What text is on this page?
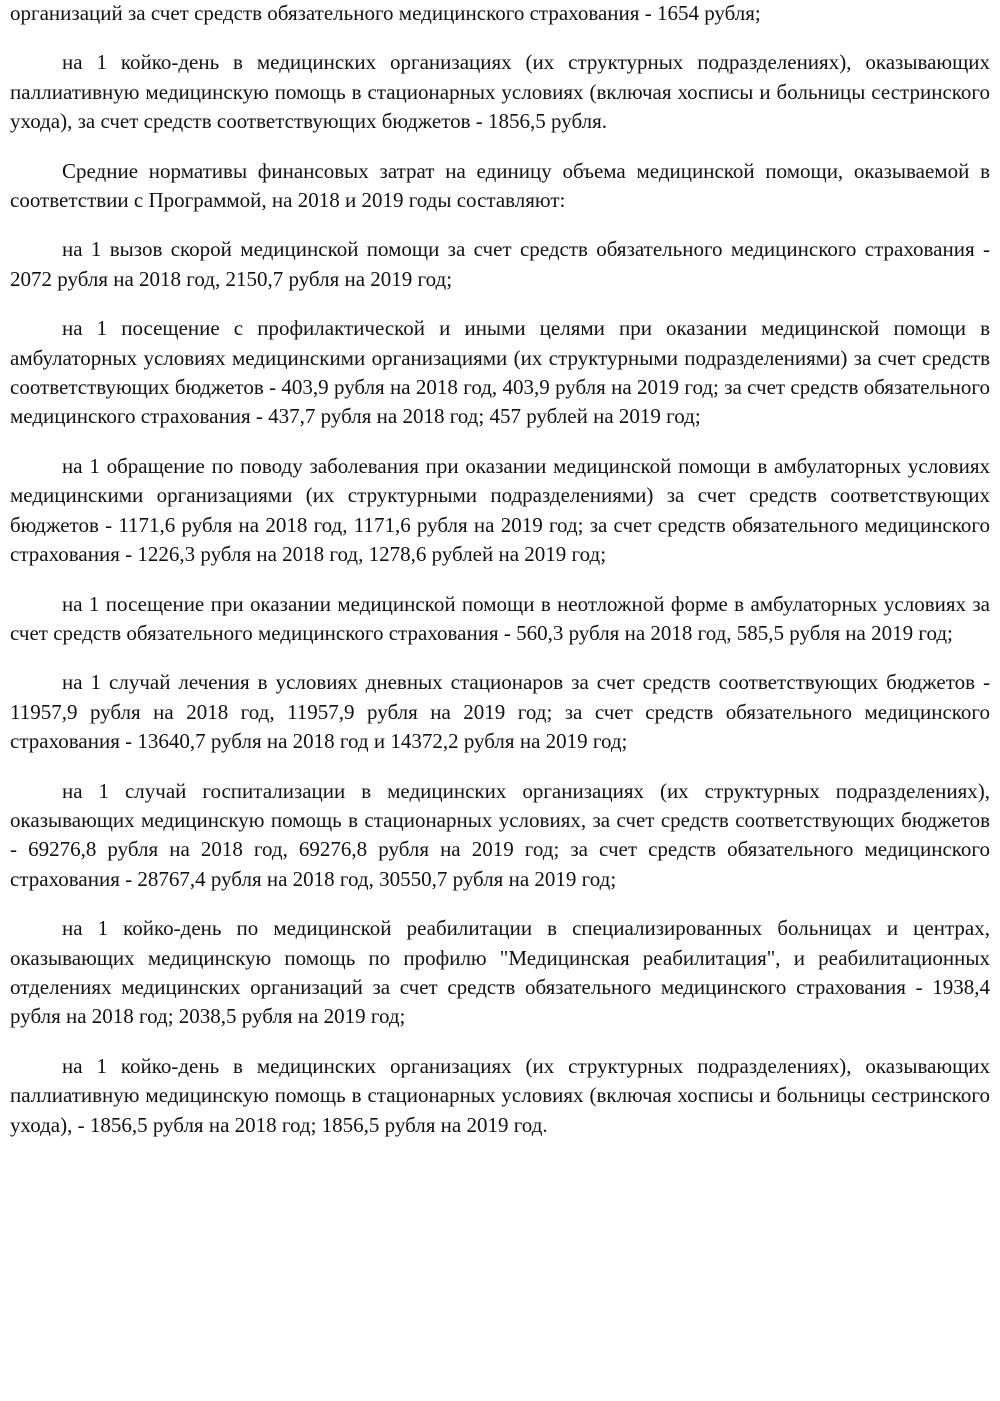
организаций за счет средств обязательного медицинского страхования - 1654 рубля;

на 1 койко-день в медицинских организациях (их структурных подразделениях), оказывающих паллиативную медицинскую помощь в стационарных условиях (включая хосписы и больницы сестринского ухода), за счет средств соответствующих бюджетов - 1856,5 рубля.

Средние нормативы финансовых затрат на единицу объема медицинской помощи, оказываемой в соответствии с Программой, на 2018 и 2019 годы составляют:

на 1 вызов скорой медицинской помощи за счет средств обязательного медицинского страхования - 2072 рубля на 2018 год, 2150,7 рубля на 2019 год;

на 1 посещение с профилактической и иными целями при оказании медицинской помощи в амбулаторных условиях медицинскими организациями (их структурными подразделениями) за счет средств соответствующих бюджетов - 403,9 рубля на 2018 год, 403,9 рубля на 2019 год; за счет средств обязательного медицинского страхования - 437,7 рубля на 2018 год; 457 рублей на 2019 год;

на 1 обращение по поводу заболевания при оказании медицинской помощи в амбулаторных условиях медицинскими организациями (их структурными подразделениями) за счет средств соответствующих бюджетов - 1171,6 рубля на 2018 год, 1171,6 рубля на 2019 год; за счет средств обязательного медицинского страхования - 1226,3 рубля на 2018 год, 1278,6 рублей на 2019 год;

на 1 посещение при оказании медицинской помощи в неотложной форме в амбулаторных условиях за счет средств обязательного медицинского страхования - 560,3 рубля на 2018 год, 585,5 рубля на 2019 год;

на 1 случай лечения в условиях дневных стационаров за счет средств соответствующих бюджетов - 11957,9 рубля на 2018 год, 11957,9 рубля на 2019 год; за счет средств обязательного медицинского страхования - 13640,7 рубля на 2018 год и 14372,2 рубля на 2019 год;

на 1 случай госпитализации в медицинских организациях (их структурных подразделениях), оказывающих медицинскую помощь в стационарных условиях, за счет средств соответствующих бюджетов - 69276,8 рубля на 2018 год, 69276,8 рубля на 2019 год; за счет средств обязательного медицинского страхования - 28767,4 рубля на 2018 год, 30550,7 рубля на 2019 год;

на 1 койко-день по медицинской реабилитации в специализированных больницах и центрах, оказывающих медицинскую помощь по профилю "Медицинская реабилитация", и реабилитационных отделениях медицинских организаций за счет средств обязательного медицинского страхования - 1938,4 рубля на 2018 год; 2038,5 рубля на 2019 год;

на 1 койко-день в медицинских организациях (их структурных подразделениях), оказывающих паллиативную медицинскую помощь в стационарных условиях (включая хосписы и больницы сестринского ухода), - 1856,5 рубля на 2018 год; 1856,5 рубля на 2019 год.
